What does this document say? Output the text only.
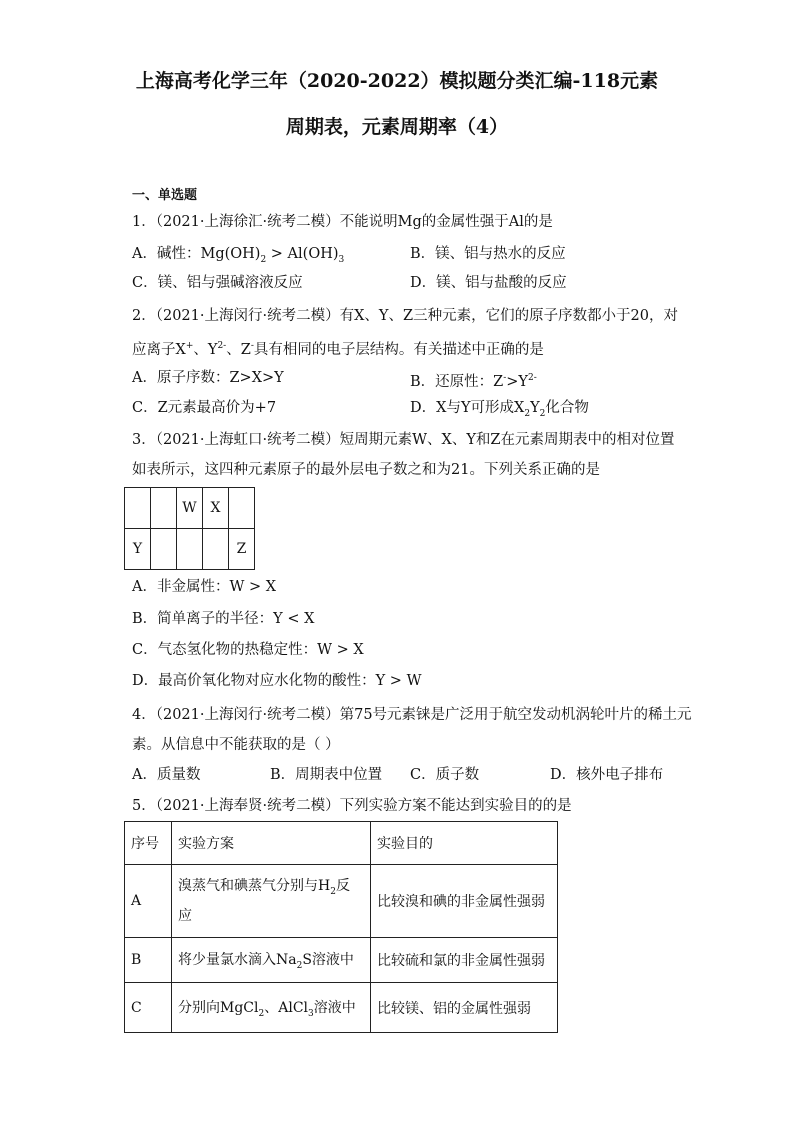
上海高考化学三年（2020-2022）模拟题分类汇编-118元素
周期表，元素周期率（4）
一、单选题
1．（2021·上海徐汇·统考二模）不能说明Mg的金属性强于Al的是
A．碱性：$Mg(OH)_2 > Al(OH)_3$	B．镁、铝与热水的反应
C．镁、铝与强碱溶液反应	D．镁、铝与盐酸的反应
2．（2021·上海闵行·统考二模）有X、Y、Z三种元素，它们的原子序数都小于20，对
应离子X+、$Y^{2-}$、Z-具有相同的电子层结构。有关描述中正确的是
A．原子序数：Z>X>Y	B．还原性：$Z^->Y^{2-}$
C．Z元素最高价为+7	D．X与Y可形成$X_2Y_2$化合物
3．（2021·上海虹口·统考二模）短周期元素W、X、Y和Z在元素周期表中的相对位置
如表所示，这四种元素原子的最外层电子数之和为21。下列关系正确的是
		W	X	
Y				Z
A．非金属性：W > X
B．简单离子的半径：Y < X
C．气态氢化物的热稳定性：W > X
D．最高价氧化物对应水化物的酸性：Y > W
4．（2021·上海闵行·统考二模）第75号元素铼是广泛用于航空发动机涡轮叶片的稀土元
素。从信息中不能获取的是（ ）
A．质量数	B．周期表中位置 C．质子数	D．核外电子排布
5．（2021·上海奉贤·统考二模）下列实验方案不能达到实验目的的是
序号	实验方案	实验目的
A	溴蒸气和碘蒸气分别与$H_2$反
应	比较溴和碘的非金属性强弱
B	将少量氯水滴入$Na_2S$溶液中	比较硫和氯的非金属性强弱
C	分别向MgCl$_2$、AlCl$_3$溶液中	比较镁、铝的金属性强弱
